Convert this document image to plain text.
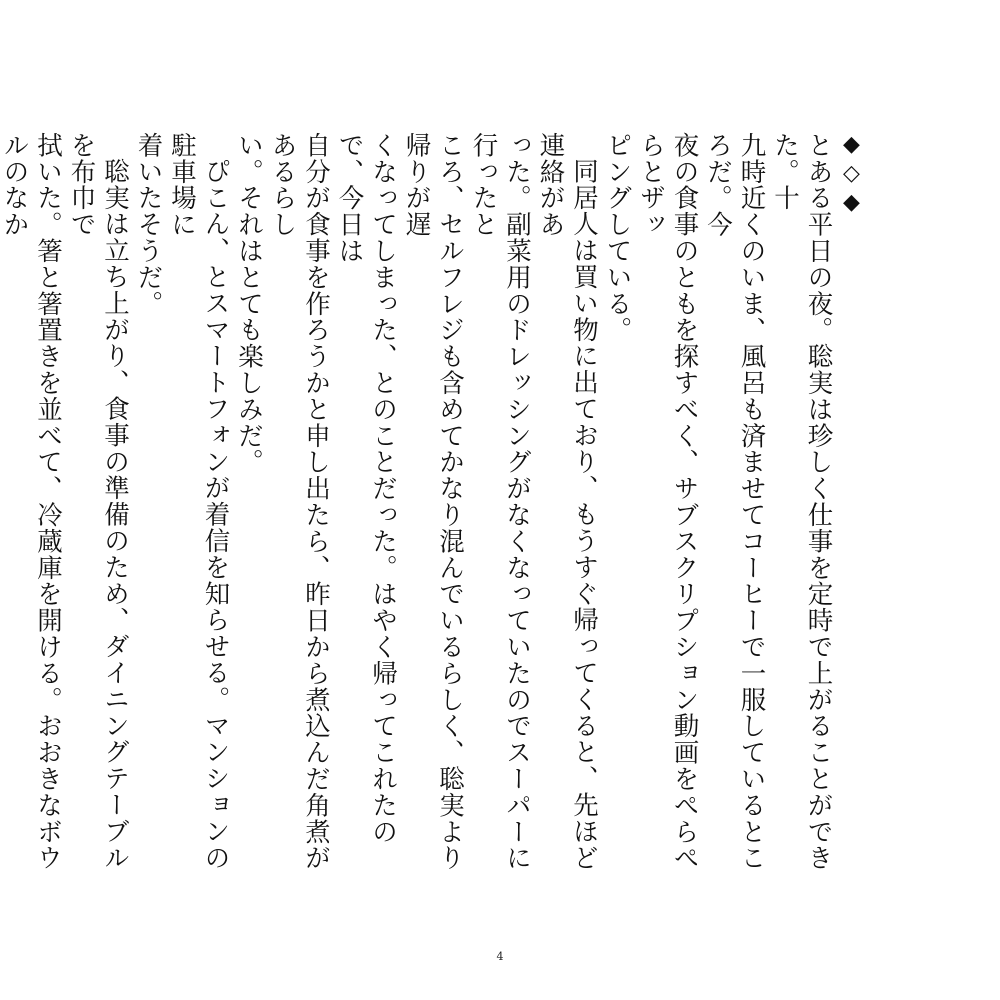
◆◇◆

とある平日の夜。聡実は珍しく仕事を定時で上がることができた。十
九時近くのいま、風呂も済ませてコーヒーで一服しているところだ。今
夜の食事のともを探すべく、サブスクリプション動画をぺらぺらとザッ
ピングしている。

同居人は買い物に出ており、もうすぐ帰ってくると、先ほど連絡があ
った。副菜用のドレッシングがなくなっていたのでスーパーに行ったと
ころ、セルフレジも含めてかなり混んでいるらしく、聡実より帰りが遅
くなってしまった、とのことだった。はやく帰ってこれたので、今日は
自分が食事を作ろうかと申し出たら、昨日から煮込んだ角煮があるらし
い。それはとても楽しみだ。

ぴこん、とスマートフォンが着信を知らせる。マンションの駐車場に
着いたそうだ。

聡実は立ち上がり、食事の準備のため、ダイニングテーブルを布巾で
拭いた。箸と箸置きを並べて、冷蔵庫を開ける。おおきなボウルのなか

4
